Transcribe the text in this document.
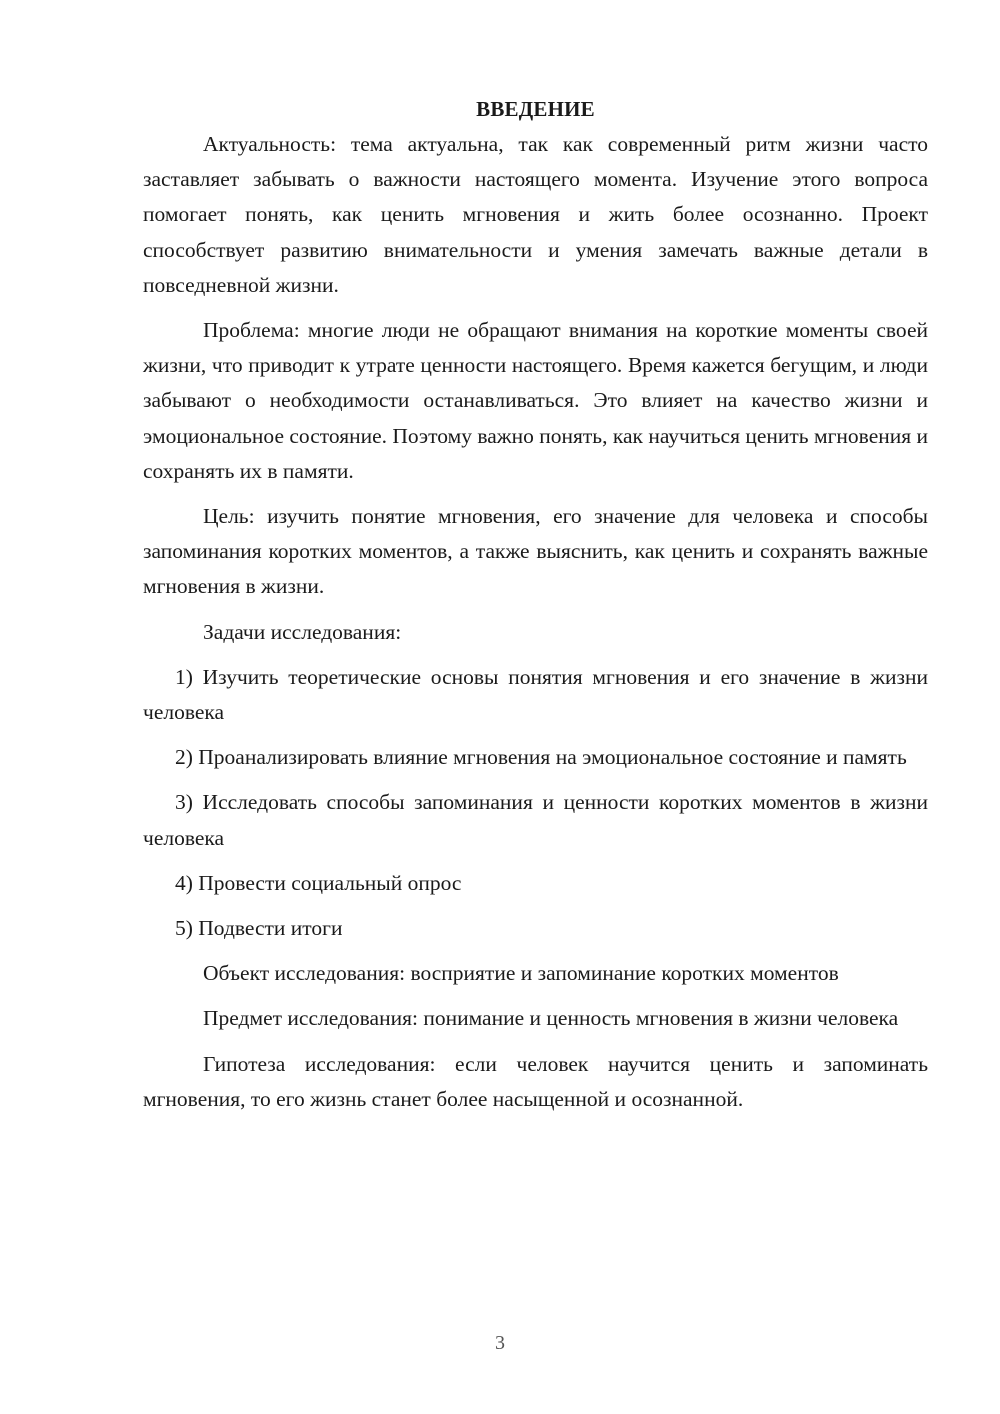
ВВЕДЕНИЕ

Актуальность: тема актуальна, так как современный ритм жизни часто заставляет забывать о важности настоящего момента. Изучение этого вопроса помогает понять, как ценить мгновения и жить более осознанно. Проект способствует развитию внимательности и умения замечать важные детали в повседневной жизни.

Проблема: многие люди не обращают внимания на короткие моменты своей жизни, что приводит к утрате ценности настоящего. Время кажется бегущим, и люди забывают о необходимости останавливаться. Это влияет на качество жизни и эмоциональное состояние. Поэтому важно понять, как научиться ценить мгновения и сохранять их в памяти.

Цель: изучить понятие мгновения, его значение для человека и способы запоминания коротких моментов, а также выяснить, как ценить и сохранять важные мгновения в жизни.

Задачи исследования:

1) Изучить теоретические основы понятия мгновения и его значение в жизни человека

2) Проанализировать влияние мгновения на эмоциональное состояние и память

3) Исследовать способы запоминания и ценности коротких моментов в жизни человека

4) Провести социальный опрос

5) Подвести итоги

Объект исследования: восприятие и запоминание коротких моментов

Предмет исследования: понимание и ценность мгновения в жизни человека

Гипотеза исследования: если человек научится ценить и запоминать мгновения, то его жизнь станет более насыщенной и осознанной.

3
